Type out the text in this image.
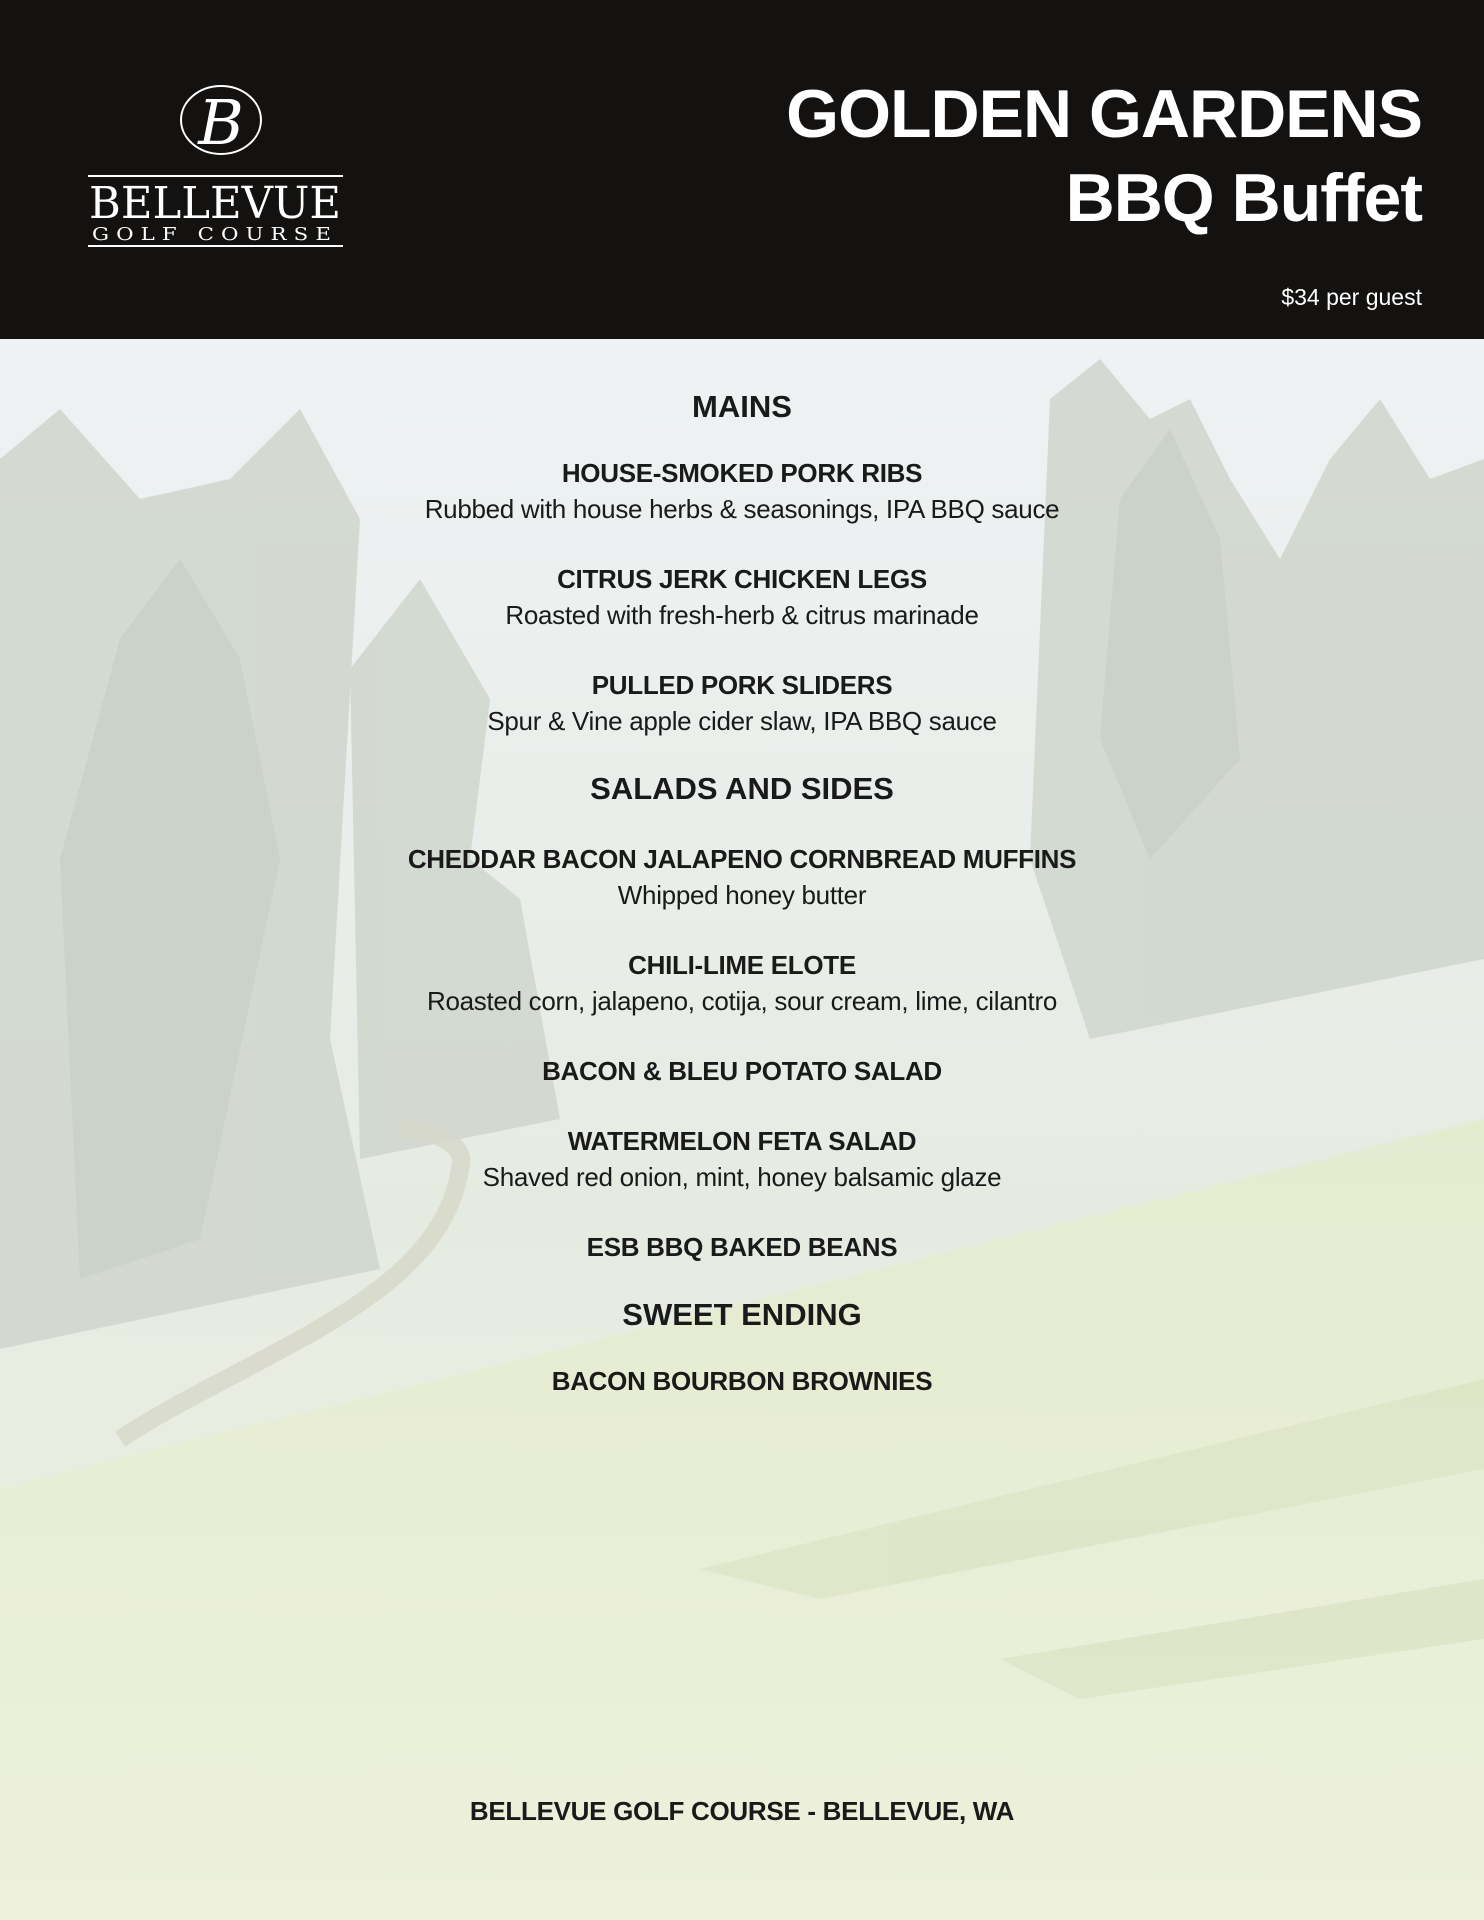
B
BELLEVUE
GOLF COURSE
GOLDEN GARDENS
BBQ Buffet
$34 per guest
MAINS
HOUSE-SMOKED PORK RIBS
Rubbed with house herbs & seasonings, IPA BBQ sauce
CITRUS JERK CHICKEN LEGS
Roasted with fresh-herb & citrus marinade
PULLED PORK SLIDERS
Spur & Vine apple cider slaw, IPA BBQ sauce
SALADS AND SIDES
CHEDDAR BACON JALAPENO CORNBREAD MUFFINS
Whipped honey butter
CHILI-LIME ELOTE
Roasted corn, jalapeno, cotija, sour cream, lime, cilantro
BACON & BLEU POTATO SALAD
WATERMELON FETA SALAD
Shaved red onion, mint, honey balsamic glaze
ESB BBQ BAKED BEANS
SWEET ENDING
BACON BOURBON BROWNIES
BELLEVUE GOLF COURSE - BELLEVUE, WA
